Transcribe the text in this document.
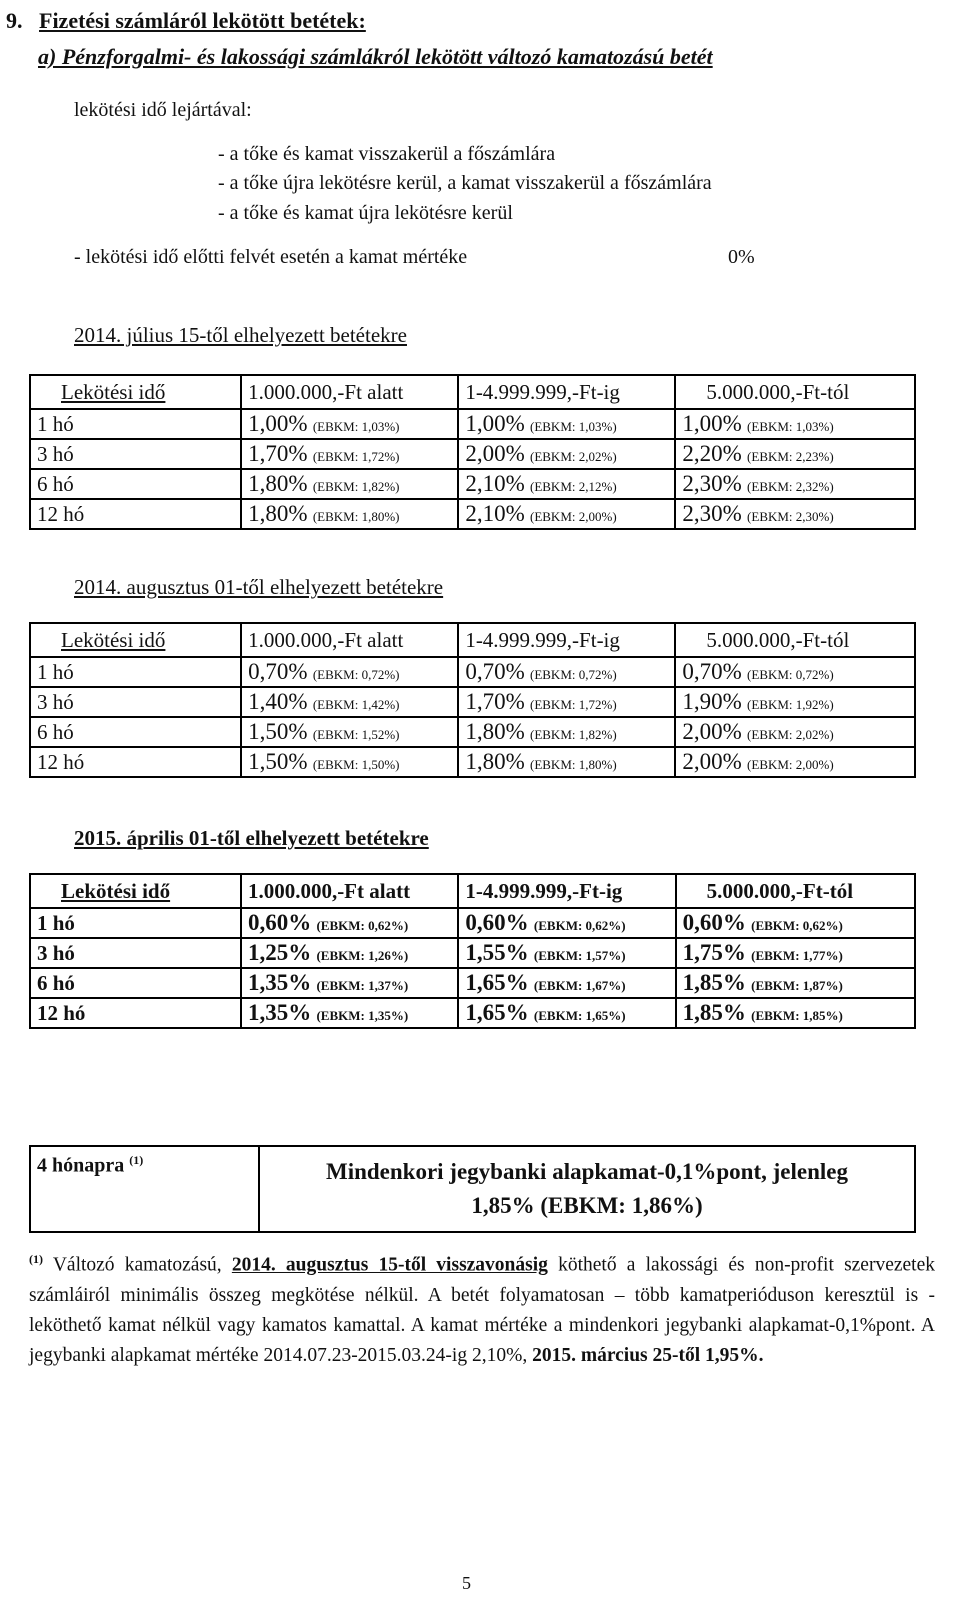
9. Fizetési számláról lekötött betétek:
a) Pénzforgalmi- és lakossági számlákról lekötött változó kamatozású betét
lekötési idő lejártával:
- a tőke és kamat visszakerül a főszámlára
- a tőke újra lekötésre kerül, a kamat visszakerül a főszámlára
- a tőke és kamat újra lekötésre kerül
- lekötési idő előtti felvét esetén a kamat mértéke	0%
2014. július 15-től elhelyezett betétekre
Lekötési idő	1.000.000,-Ft alatt	1-4.999.999,-Ft-ig	5.000.000,-Ft-tól
1 hó	1,00% (EBKM: 1,03%)	1,00% (EBKM: 1,03%)	1,00% (EBKM: 1,03%)
3 hó	1,70% (EBKM: 1,72%)	2,00% (EBKM: 2,02%)	2,20% (EBKM: 2,23%)
6 hó	1,80% (EBKM: 1,82%)	2,10% (EBKM: 2,12%)	2,30% (EBKM: 2,32%)
12 hó	1,80% (EBKM: 1,80%)	2,10% (EBKM: 2,00%)	2,30% (EBKM: 2,30%)
2014. augusztus 01-től elhelyezett betétekre
Lekötési idő	1.000.000,-Ft alatt	1-4.999.999,-Ft-ig	5.000.000,-Ft-tól
1 hó	0,70% (EBKM: 0,72%)	0,70% (EBKM: 0,72%)	0,70% (EBKM: 0,72%)
3 hó	1,40% (EBKM: 1,42%)	1,70% (EBKM: 1,72%)	1,90% (EBKM: 1,92%)
6 hó	1,50% (EBKM: 1,52%)	1,80% (EBKM: 1,82%)	2,00% (EBKM: 2,02%)
12 hó	1,50% (EBKM: 1,50%)	1,80% (EBKM: 1,80%)	2,00% (EBKM: 2,00%)
2015. április 01-től elhelyezett betétekre
Lekötési idő	1.000.000,-Ft alatt	1-4.999.999,-Ft-ig	5.000.000,-Ft-tól
1 hó	0,60% (EBKM: 0,62%)	0,60% (EBKM: 0,62%)	0,60% (EBKM: 0,62%)
3 hó	1,25% (EBKM: 1,26%)	1,55% (EBKM: 1,57%)	1,75% (EBKM: 1,77%)
6 hó	1,35% (EBKM: 1,37%)	1,65% (EBKM: 1,67%)	1,85% (EBKM: 1,87%)
12 hó	1,35% (EBKM: 1,35%)	1,65% (EBKM: 1,65%)	1,85% (EBKM: 1,85%)
4 hónapra $^{(1)}$	Mindenkori jegybanki alapkamat-0,1%pont, jelenleg
1,85% (EBKM: 1,86%)
$^{(1)}$ Változó kamatozású, 2014. augusztus 15-től visszavonásig köthető a lakossági és non-profit szervezetek számláiról minimális összeg megkötése nélkül. A betét folyamatosan – több kamatperióduson keresztül is - leköthető kamat nélkül vagy kamatos kamattal. A kamat mértéke a mindenkori jegybanki alapkamat-0,1%pont. A jegybanki alapkamat mértéke 2014.07.23-2015.03.24-ig 2,10%, 2015. március 25-től 1,95%.
5
